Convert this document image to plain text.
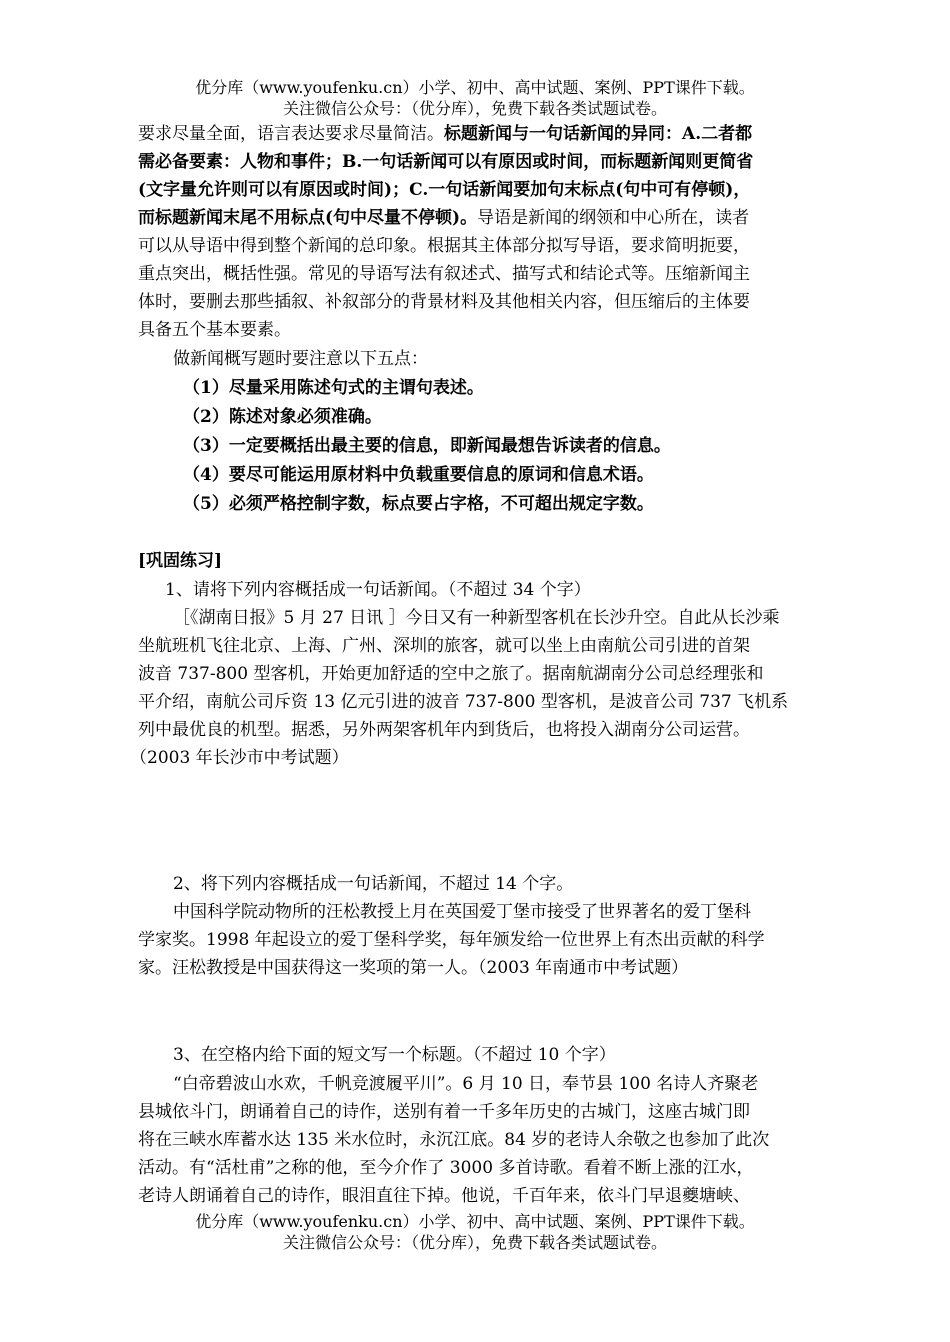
优分库（www.youfenku.cn）小学、初中、高中试题、案例、PPT课件下载。
关注微信公众号：（优分库），免费下载各类试题试卷。
要求尽量全面，语言表达要求尽量简洁。标题新闻与一句话新闻的异同：A.二者都
需必备要素：人物和事件；B.一句话新闻可以有原因或时间，而标题新闻则更简省
(文字量允许则可以有原因或时间)；C.一句话新闻要加句末标点(句中可有停顿)，
而标题新闻末尾不用标点(句中尽量不停顿)。导语是新闻的纲领和中心所在，读者
可以从导语中得到整个新闻的总印象。根据其主体部分拟写导语，要求简明扼要，
重点突出，概括性强。常见的导语写法有叙述式、描写式和结论式等。压缩新闻主
体时，要删去那些插叙、补叙部分的背景材料及其他相关内容，但压缩后的主体要
具备五个基本要素。
做新闻概写题时要注意以下五点：
（1）尽量采用陈述句式的主谓句表述。
（2）陈述对象必须准确。
（3）一定要概括出最主要的信息，即新闻最想告诉读者的信息。
（4）要尽可能运用原材料中负载重要信息的原词和信息术语。
（5）必须严格控制字数，标点要占字格，不可超出规定字数。
[巩固练习]
1、请将下列内容概括成一句话新闻。（不超过 34 个字）
［《湖南日报》5 月 27 日讯 ］今日又有一种新型客机在长沙升空。自此从长沙乘
坐航班机飞往北京、上海、广州、深圳的旅客，就可以坐上由南航公司引进的首架
波音 737-800 型客机，开始更加舒适的空中之旅了。据南航湖南分公司总经理张和
平介绍，南航公司斥资 13 亿元引进的波音 737-800 型客机，是波音公司 737 飞机系
列中最优良的机型。据悉，另外两架客机年内到货后，也将投入湖南分公司运营。
（2003 年长沙市中考试题）
2、将下列内容概括成一句话新闻，不超过 14 个字。
中国科学院动物所的汪松教授上月在英国爱丁堡市接受了世界著名的爱丁堡科
学家奖。1998 年起设立的爱丁堡科学奖，每年颁发给一位世界上有杰出贡献的科学
家。汪松教授是中国获得这一奖项的第一人。（2003 年南通市中考试题）
3、在空格内给下面的短文写一个标题。（不超过 10 个字）
“白帝碧波山水欢，千帆竞渡履平川”。6 月 10 日，奉节县 100 名诗人齐聚老
县城依斗门，朗诵着自己的诗作，送别有着一千多年历史的古城门，这座古城门即
将在三峡水库蓄水达 135 米水位时，永沉江底。84 岁的老诗人余敬之也参加了此次
活动。有“活杜甫”之称的他，至今介作了 3000 多首诗歌。看着不断上涨的江水，
老诗人朗诵着自己的诗作，眼泪直往下掉。他说，千百年来，依斗门早退夔塘峡、
优分库（www.youfenku.cn）小学、初中、高中试题、案例、PPT课件下载。
关注微信公众号：（优分库），免费下载各类试题试卷。
